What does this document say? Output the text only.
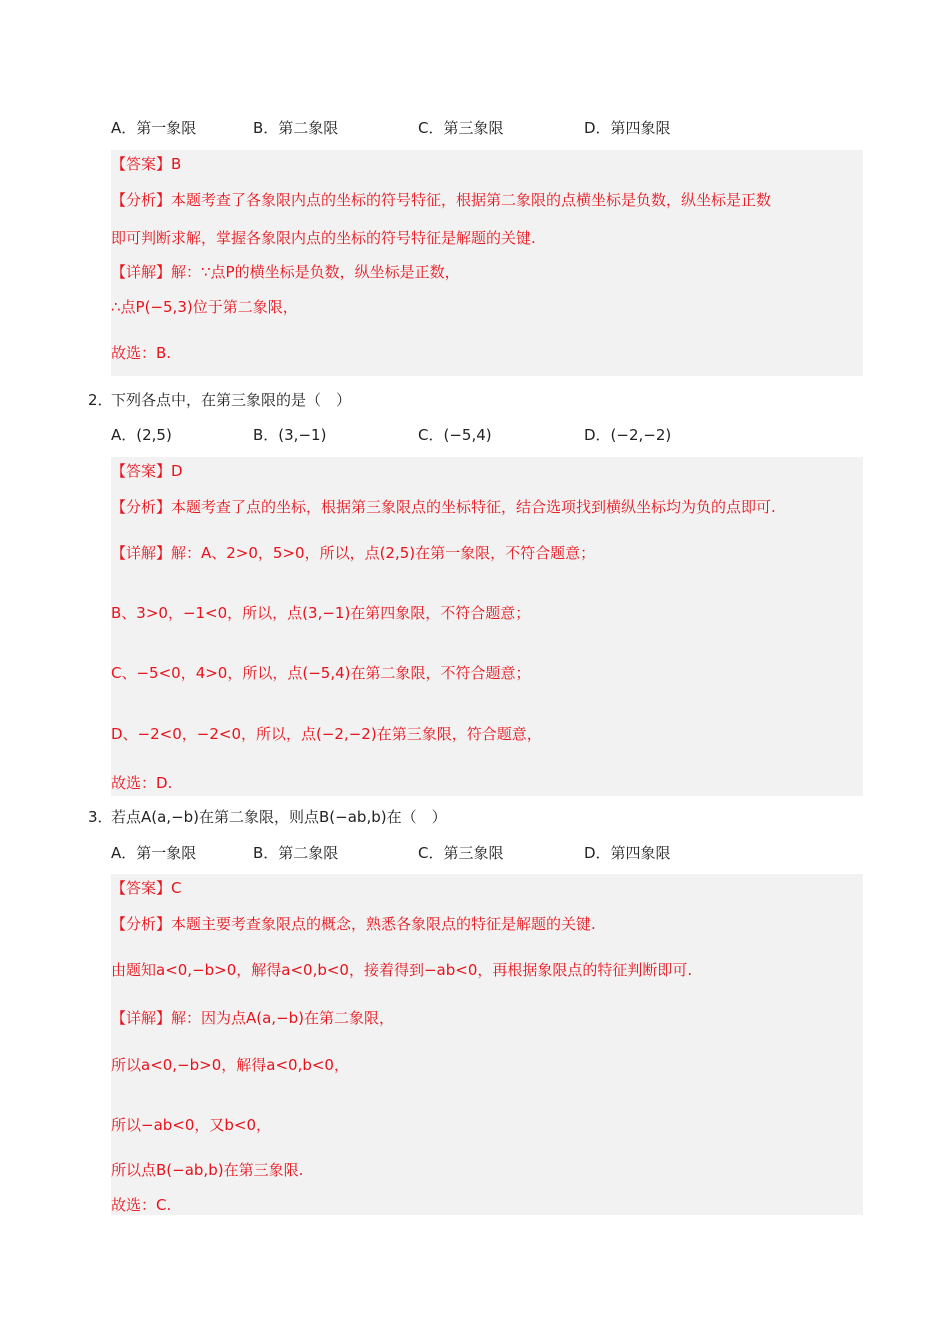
A．第一象限	B．第二象限	C．第三象限	D．第四象限
【答案】B
【分析】本题考查了各象限内点的坐标的符号特征，根据第二象限的点横坐标是负数，纵坐标是正数
即可判断求解，掌握各象限内点的坐标的符号特征是解题的关键.
【详解】解：∵点P的横坐标是负数，纵坐标是正数，
∴点P(−5,3)位于第二象限，
故选：B.
2．
下列各点中，在第三象限的是（　）
A．(2,5)	B．(3,−1)	C．(−5,4)	D．(−2,−2)
【答案】D
【分析】本题考查了点的坐标，根据第三象限点的坐标特征，结合选项找到横纵坐标均为负的点即可.
【详解】解：A、2>0，5>0，所以，点(2,5)在第一象限，不符合题意；
B、3>0，−1<0，所以，点(3,−1)在第四象限，不符合题意；
C、−5<0，4>0，所以，点(−5,4)在第二象限，不符合题意；
D、−2<0，−2<0，所以，点(−2,−2)在第三象限，符合题意，
故选：D.
3．
若点A(a,−b)在第二象限，则点B(−ab,b)在（　）
A．第一象限	B．第二象限	C．第三象限	D．第四象限
【答案】C
【分析】本题主要考查象限点的概念，熟悉各象限点的特征是解题的关键.
由题知a<0,−b>0，解得a<0,b<0，接着得到−ab<0，再根据象限点的特征判断即可.
【详解】解：因为点A(a,−b)在第二象限，
所以a<0,−b>0，解得a<0,b<0，
所以−ab<0，又b<0，
所以点B(−ab,b)在第三象限.
故选：C.
